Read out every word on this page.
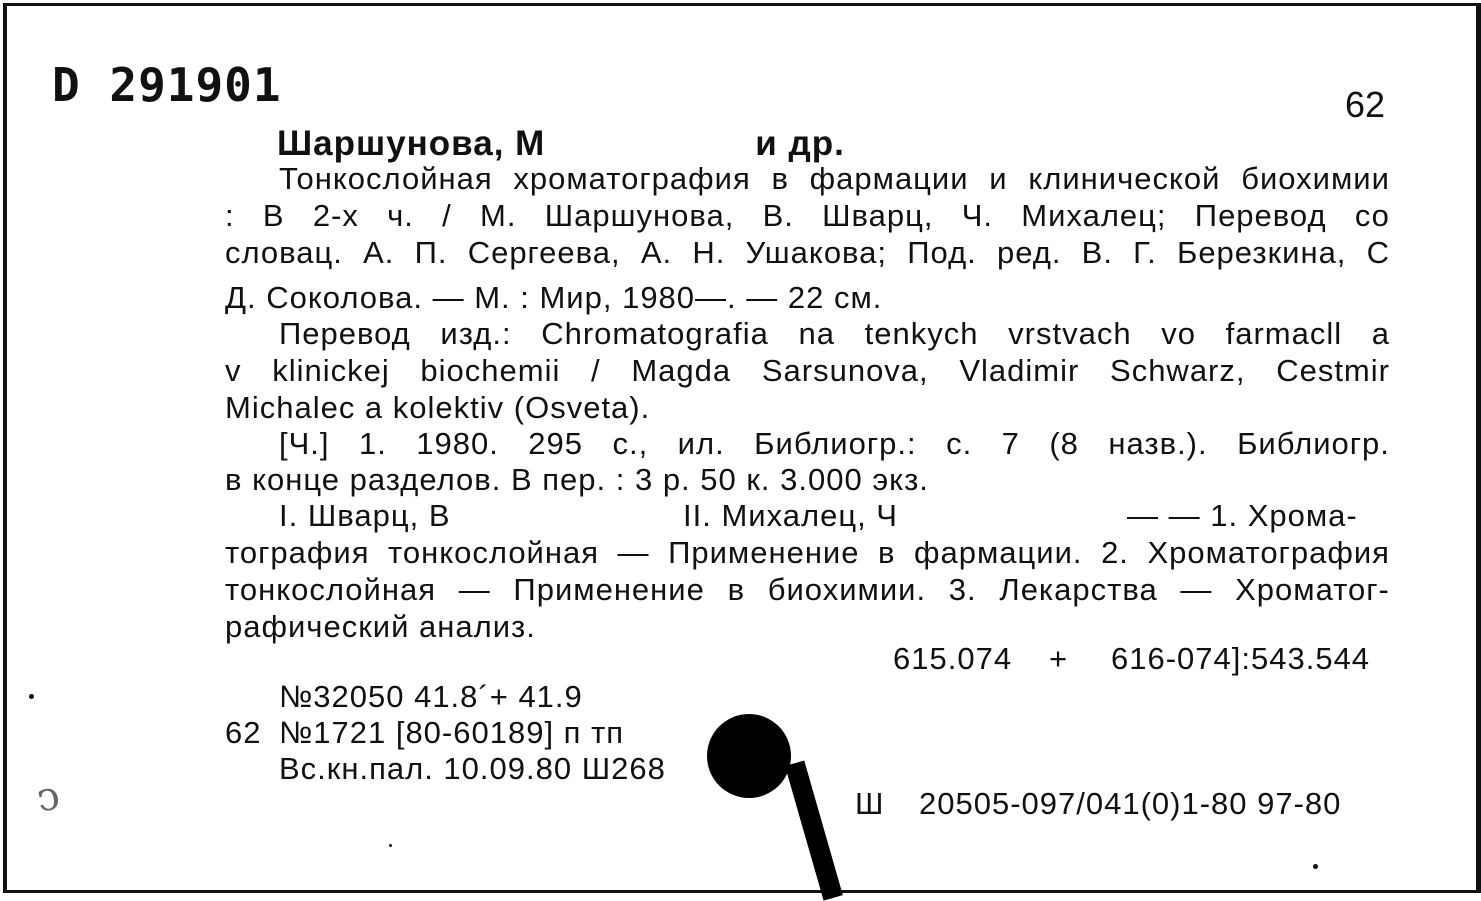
D 291901	62
Шаршунова, М	и др.
Тонкослойная хроматография в фармации и клинической биохимии
: В 2-х ч. / М. Шаршунова, В. Шварц, Ч. Михалец; Перевод со
словац. А. П. Сергеева, А. Н. Ушакова; Под. ред. В. Г. Березкина, С
Д. Соколова. — М. : Мир, 1980—. — 22 см.
Перевод изд.: Chromatografia na tenkych vrstvach vo farmacll a
v klinickej biochemii / Magda Sarsunova, Vladimir Schwarz, Cestmir
Michalec a kolektiv (Osveta).
[Ч.] 1. 1980. 295 с., ил. Библиогр.: с. 7 (8 назв.). Библиогр.
в конце разделов. В пер. : 3 р. 50 к. 3.000 экз.
I. Шварц, В	II. Михалец, Ч	— — 1. Хрома-
тография тонкослойная — Применение в фармации. 2. Хроматография
тонкослойная — Применение в биохимии. 3. Лекарства — Хроматог-
рафический анализ.
615.074 + 616-074]:543.544
№32050 41.8´+ 41.9
62 №1721 [80-60189] п тп
Вс.кн.пал. 10.09.80 Ш268
Ш 20505-097/041(0)1-80 97-80
ↄ
